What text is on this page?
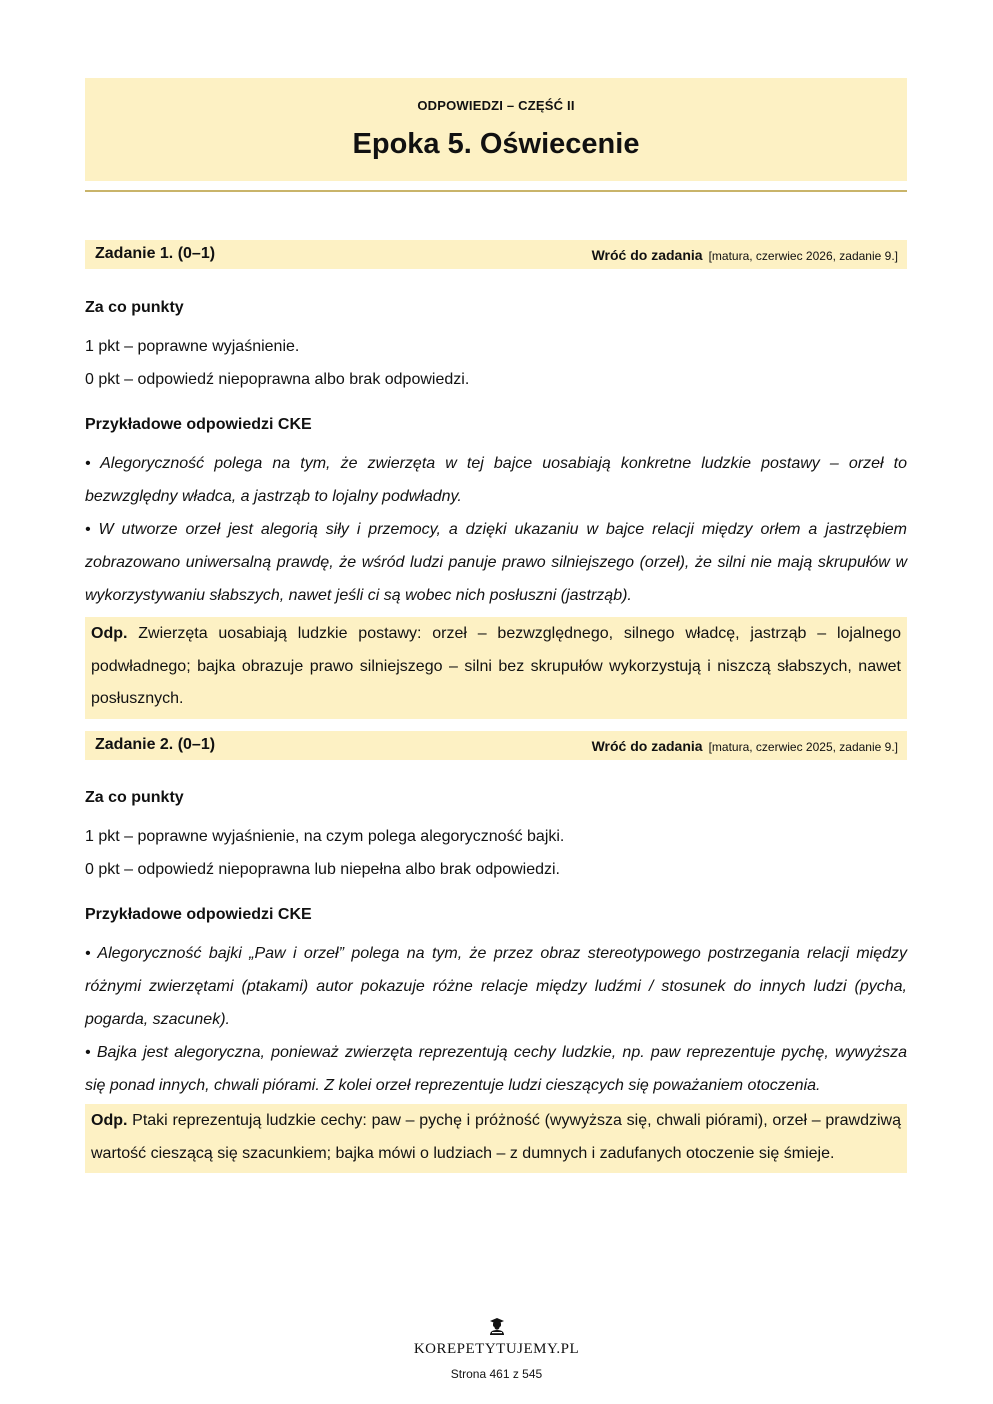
ODPOWIEDZI – CZĘŚĆ II
Epoka 5. Oświecenie
Zadanie 1. (0–1)	Wróć do zadania [matura, czerwiec 2026, zadanie 9.]
Za co punkty
1 pkt – poprawne wyjaśnienie.
0 pkt – odpowiedź niepoprawna albo brak odpowiedzi.
Przykładowe odpowiedzi CKE
• Alegoryczność polega na tym, że zwierzęta w tej bajce uosabiają konkretne ludzkie postawy – orzeł to bezwzględny władca, a jastrząb to lojalny podwładny.
• W utworze orzeł jest alegorią siły i przemocy, a dzięki ukazaniu w bajce relacji między orłem a jastrzębiem zobrazowano uniwersalną prawdę, że wśród ludzi panuje prawo silniejszego (orzeł), że silni nie mają skrupułów w wykorzystywaniu słabszych, nawet jeśli ci są wobec nich posłuszni (jastrząb).
Odp. Zwierzęta uosabiają ludzkie postawy: orzeł – bezwzględnego, silnego władcę, jastrząb – lojalnego podwładnego; bajka obrazuje prawo silniejszego – silni bez skrupułów wykorzystują i niszczą słabszych, nawet posłusznych.
Zadanie 2. (0–1)	Wróć do zadania [matura, czerwiec 2025, zadanie 9.]
Za co punkty
1 pkt – poprawne wyjaśnienie, na czym polega alegoryczność bajki.
0 pkt – odpowiedź niepoprawna lub niepełna albo brak odpowiedzi.
Przykładowe odpowiedzi CKE
• Alegoryczność bajki „Paw i orzeł” polega na tym, że przez obraz stereotypowego postrzegania relacji między różnymi zwierzętami (ptakami) autor pokazuje różne relacje między ludźmi / stosunek do innych ludzi (pycha, pogarda, szacunek).
• Bajka jest alegoryczna, ponieważ zwierzęta reprezentują cechy ludzkie, np. paw reprezentuje pychę, wywyższa się ponad innych, chwali piórami. Z kolei orzeł reprezentuje ludzi cieszących się poważaniem otoczenia.
Odp. Ptaki reprezentują ludzkie cechy: paw – pychę i próżność (wywyższa się, chwali piórami), orzeł – prawdziwą wartość cieszącą się szacunkiem; bajka mówi o ludziach – z dumnych i zadufanych otoczenie się śmieje.
KOREPETYTUJEMY.PL
Strona 461 z 545
